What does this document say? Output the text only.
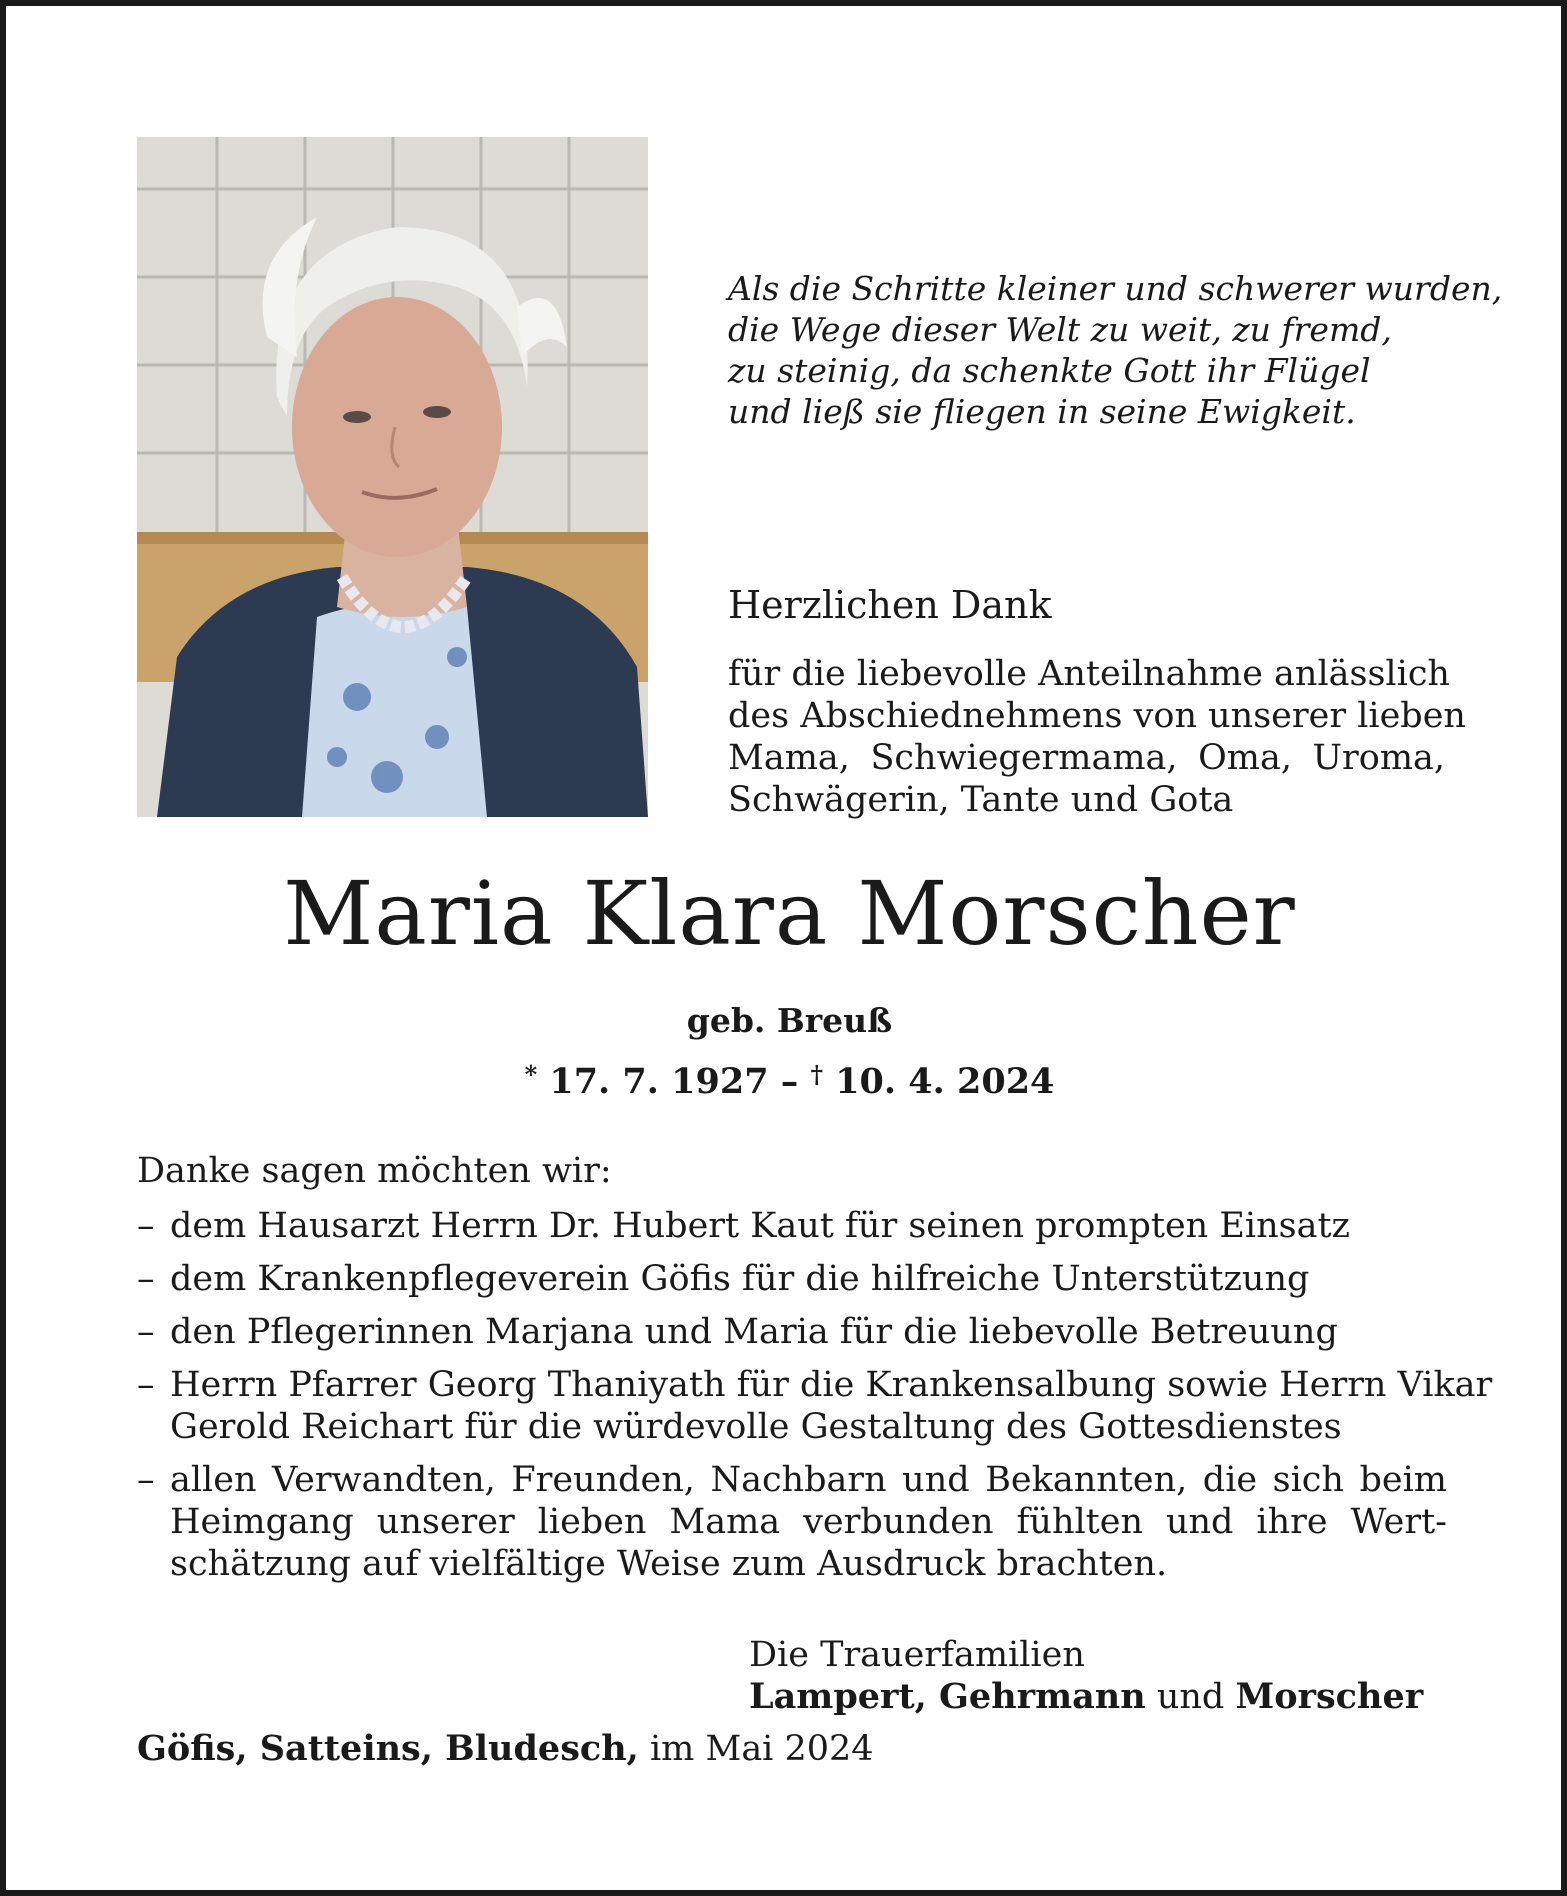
Als die Schritte kleiner und schwerer wurden,
die Wege dieser Welt zu weit, zu fremd,
zu steinig, da schenkte Gott ihr Flügel
und ließ sie fliegen in seine Ewigkeit.

Herzlichen Dank

für die liebevolle Anteilnahme anlässlich
des Abschiednehmens von unserer lieben
Mama, Schwiegermama, Oma, Uroma,
Schwägerin, Tante und Gota

Maria Klara Morscher

geb. Breuß

* 17. 7. 1927 – † 10. 4. 2024

Danke sagen möchten wir:

– dem Hausarzt Herrn Dr. Hubert Kaut für seinen prompten Einsatz
– dem Krankenpflegeverein Göfis für die hilfreiche Unterstützung
– den Pflegerinnen Marjana und Maria für die liebevolle Betreuung
– Herrn Pfarrer Georg Thaniyath für die Krankensalbung sowie Herrn Vikar
Gerold Reichart für die würdevolle Gestaltung des Gottesdienstes
– allen Verwandten, Freunden, Nachbarn und Bekannten, die sich beim
Heimgang unserer lieben Mama verbunden fühlten und ihre Wert-
schätzung auf vielfältige Weise zum Ausdruck brachten.

Die Trauerfamilien
Lampert, Gehrmann und Morscher

Göfis, Satteins, Bludesch, im Mai 2024
